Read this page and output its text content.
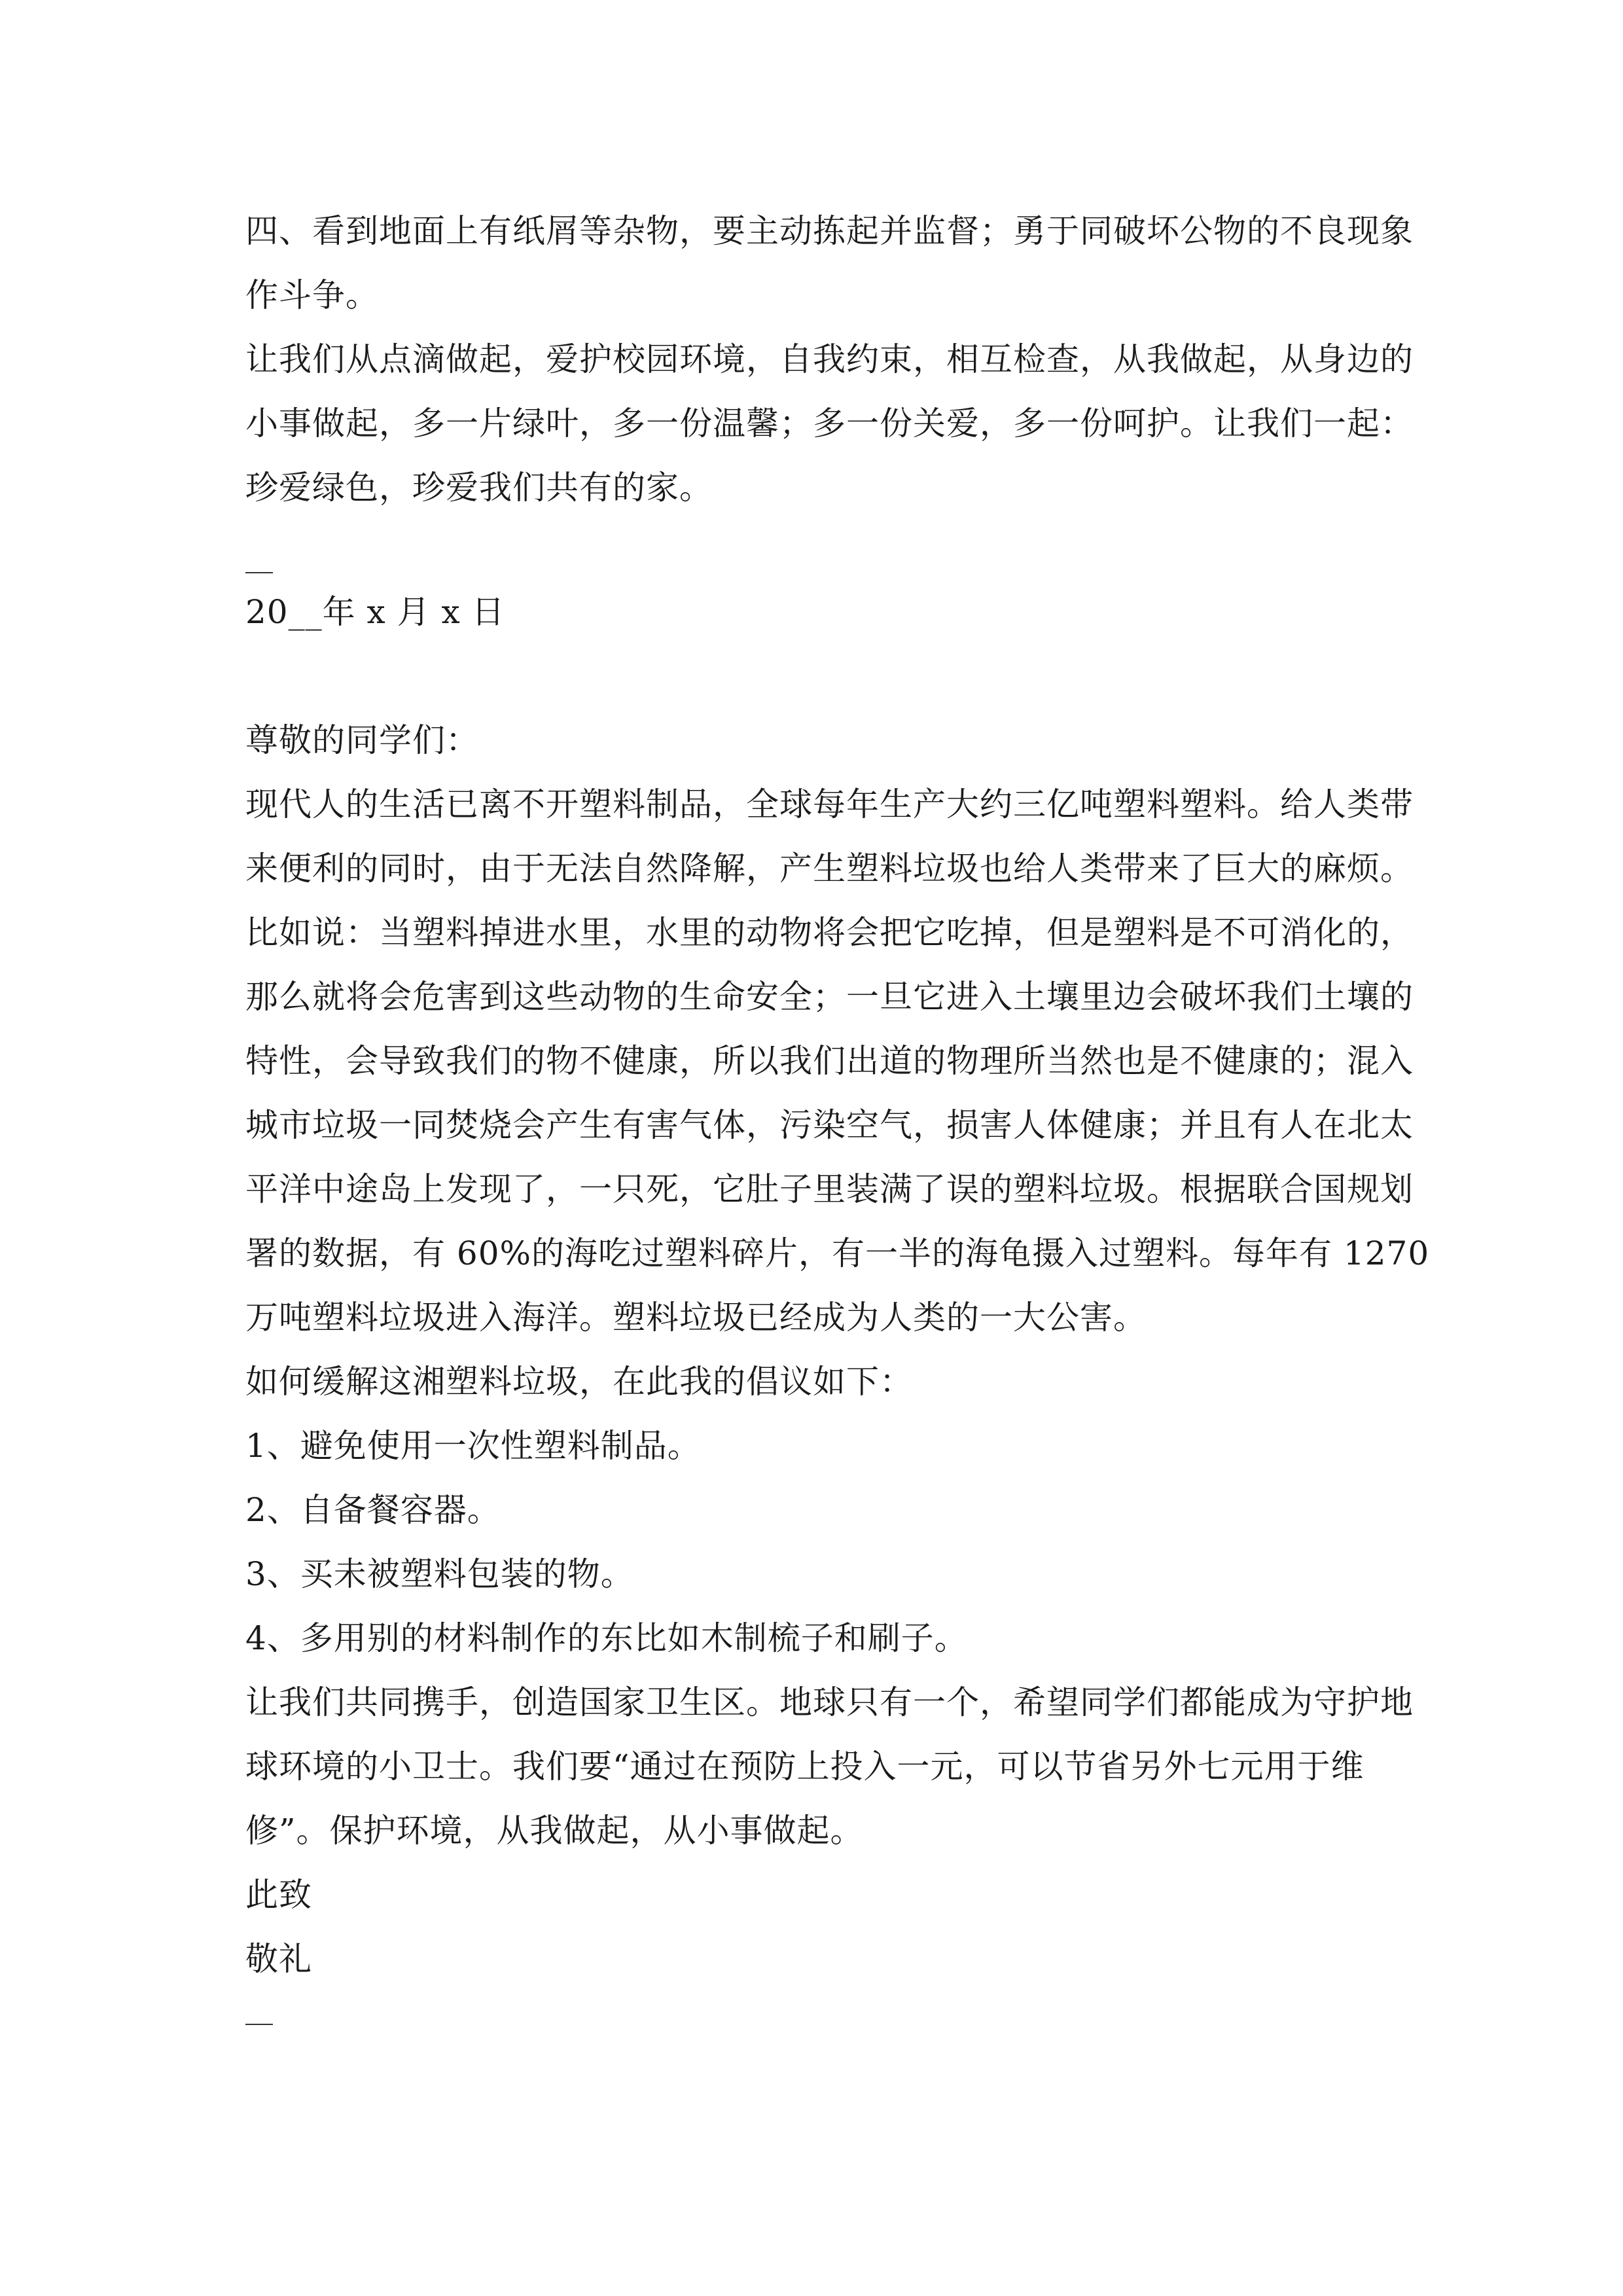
四、看到地面上有纸屑等杂物，要主动拣起并监督；勇于同破坏公物的不良现象
作斗争。

让我们从点滴做起，爱护校园环境，自我约束，相互检查，从我做起，从身边的
小事做起，多一片绿叶，多一份温馨；多一份关爱，多一份呵护。让我们一起：
珍爱绿色，珍爱我们共有的家。

20__年 x 月 x 日

尊敬的同学们：

现代人的生活已离不开塑料制品，全球每年生产大约三亿吨塑料塑料。给人类带
来便利的同时，由于无法自然降解，产生塑料垃圾也给人类带来了巨大的麻烦。
比如说：当塑料掉进水里，水里的动物将会把它吃掉，但是塑料是不可消化的，
那么就将会危害到这些动物的生命安全；一旦它进入土壤里边会破坏我们土壤的
特性，会导致我们的物不健康，所以我们出道的物理所当然也是不健康的；混入
城市垃圾一同焚烧会产生有害气体，污染空气，损害人体健康；并且有人在北太
平洋中途岛上发现了，一只死，它肚子里装满了误的塑料垃圾。根据联合国规划
署的数据，有 60%的海吃过塑料碎片，有一半的海龟摄入过塑料。每年有 1270
万吨塑料垃圾进入海洋。塑料垃圾已经成为人类的一大公害。

如何缓解这湘塑料垃圾，在此我的倡议如下：

1、避免使用一次性塑料制品。
2、自备餐容器。
3、买未被塑料包装的物。
4、多用别的材料制作的东比如木制梳子和刷子。

让我们共同携手，创造国家卫生区。地球只有一个，希望同学们都能成为守护地
球环境的小卫士。我们要“通过在预防上投入一元，可以节省另外七元用于维
修”。保护环境，从我做起，从小事做起。

此致
敬礼
